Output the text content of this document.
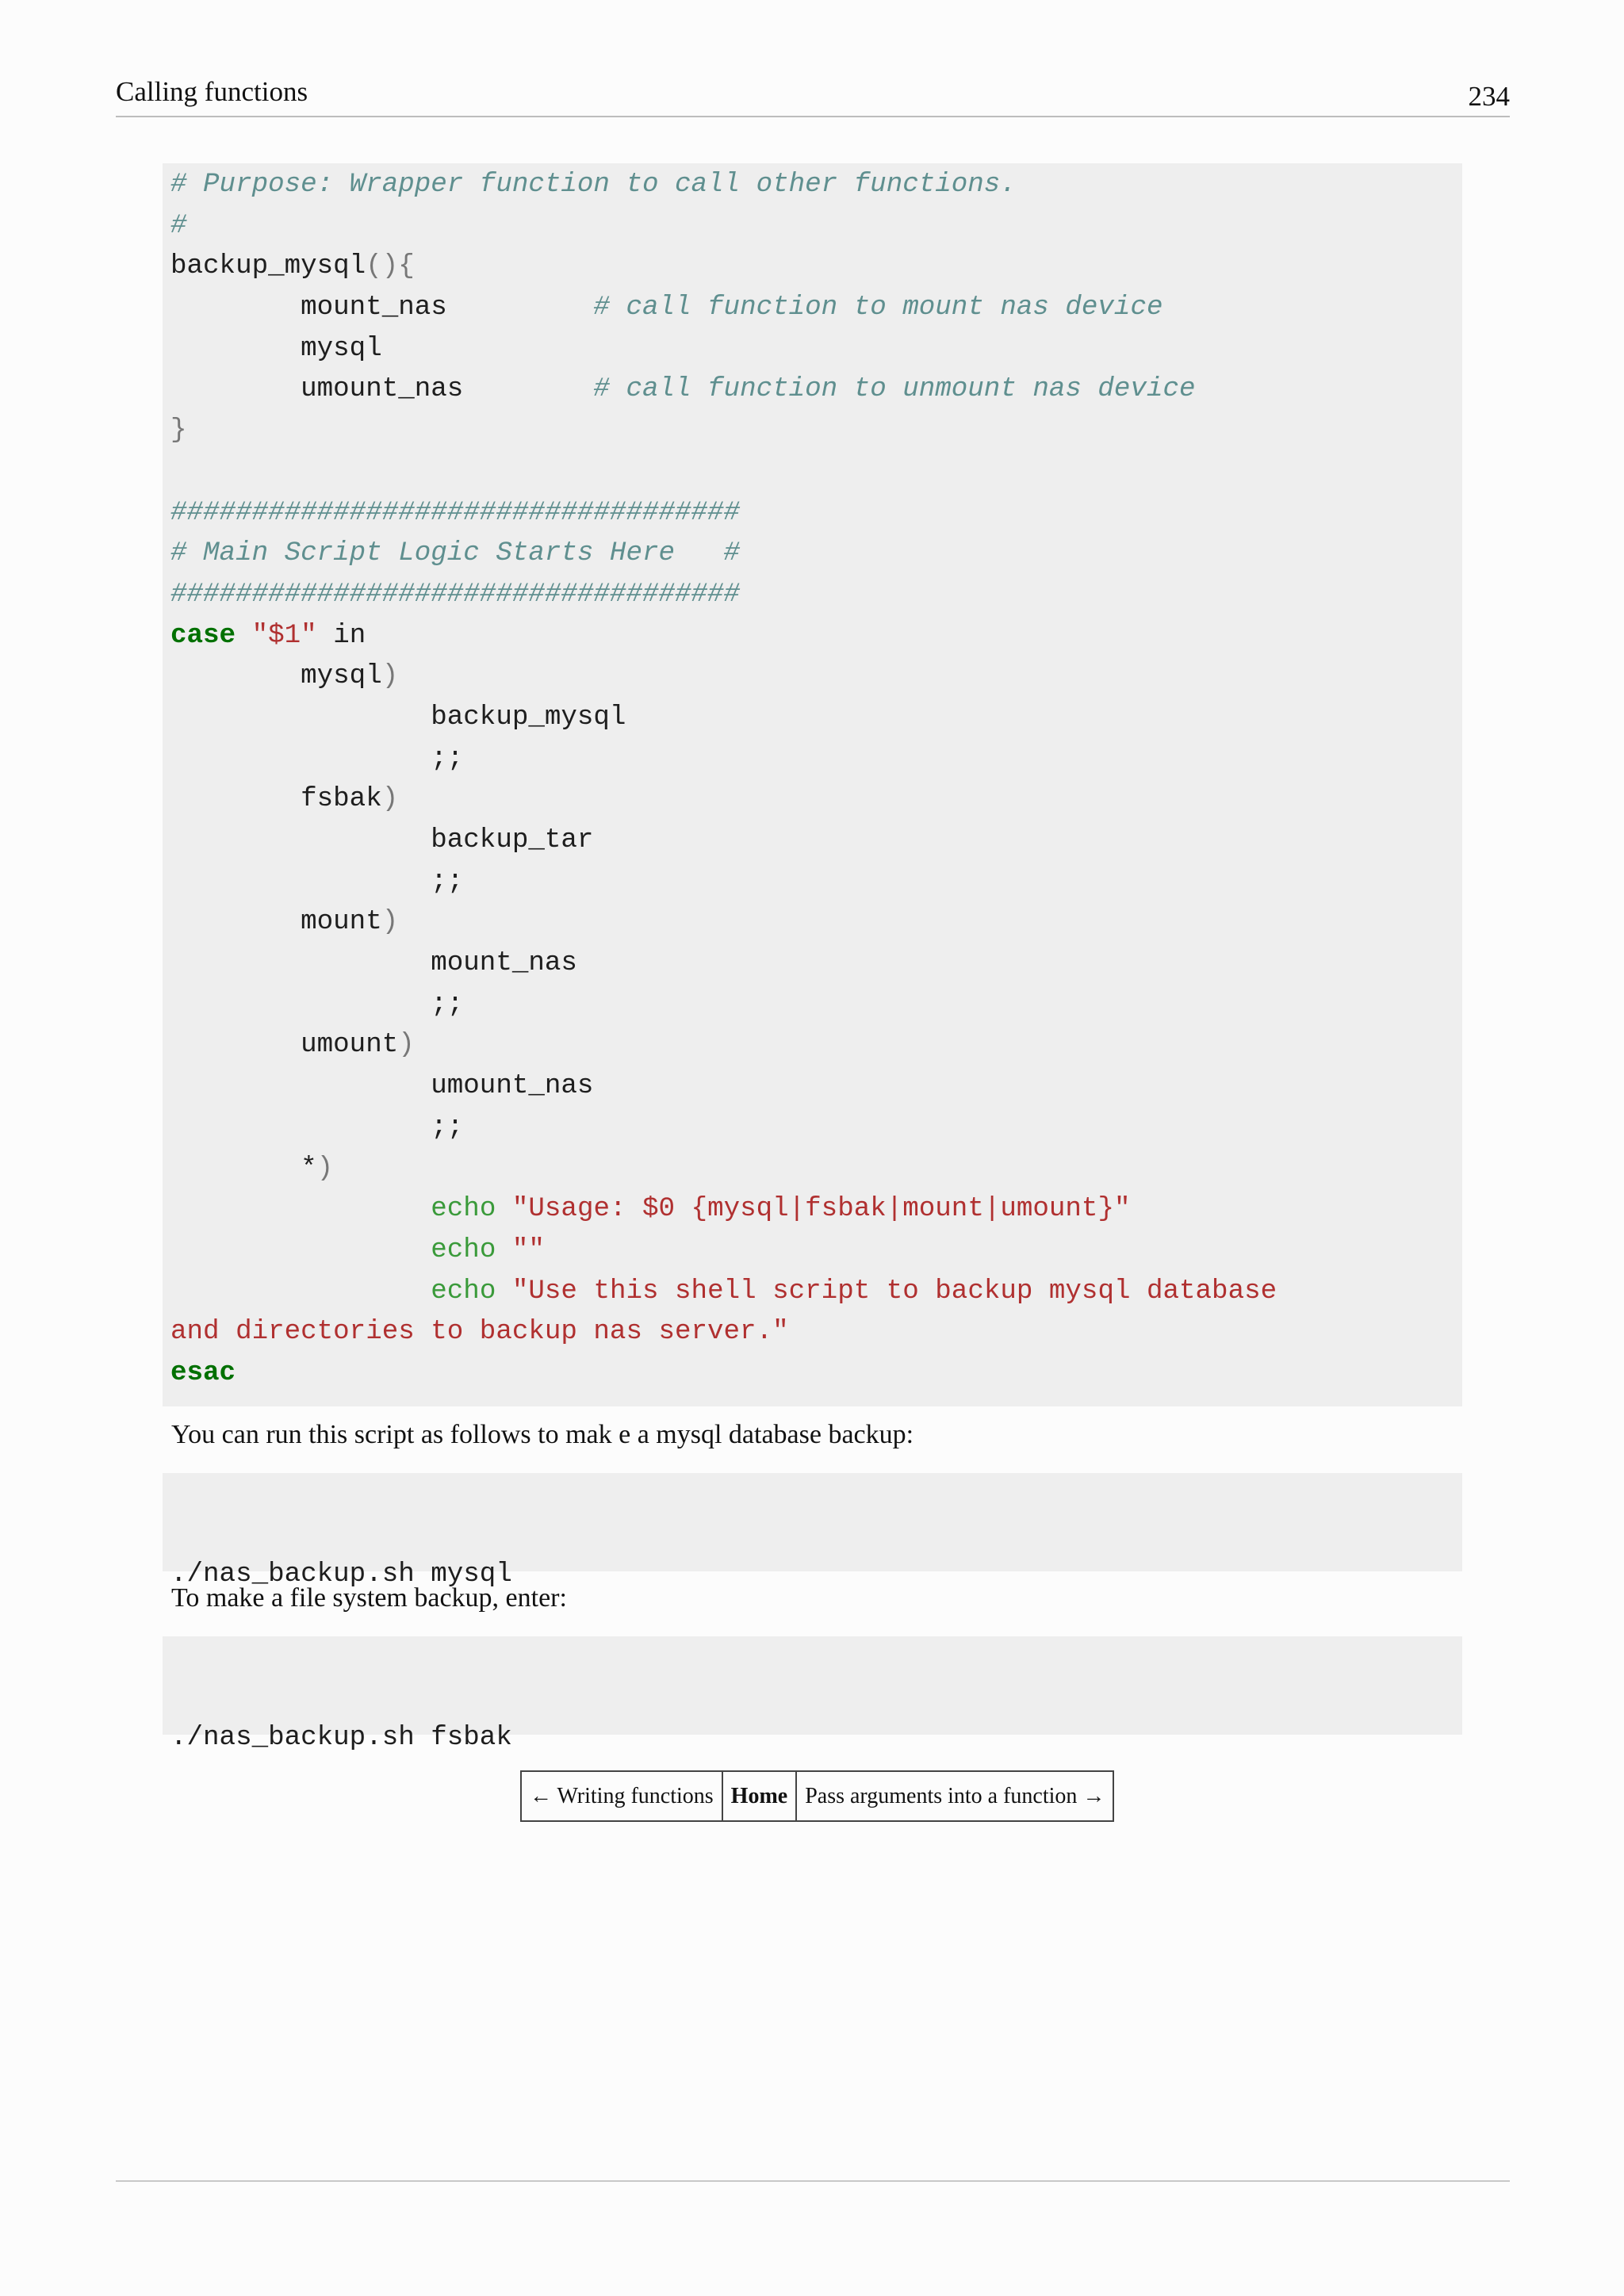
Calling functions	234
# Purpose: Wrapper function to call other functions.
#
backup_mysql(){
mount_nas         # call function to mount nas device
mysql
umount_nas        # call function to unmount nas device
}
###################################
# Main Script Logic Starts Here   #
###################################
case "$1" in
mysql)
backup_mysql
;;
fsbak)
backup_tar
;;
mount)
mount_nas
;;
umount)
umount_nas
;;
*)
echo "Usage: $0 {mysql|fsbak|mount|umount}"
echo ""
echo "Use this shell script to backup mysql database
and directories to backup nas server."
esac
You can run this script as follows to mak e a mysql database backup:

./nas_backup.sh mysql

To make a file system backup, enter:

./nas_backup.sh fsbak

← Writing functions Home Pass arguments into a function →
